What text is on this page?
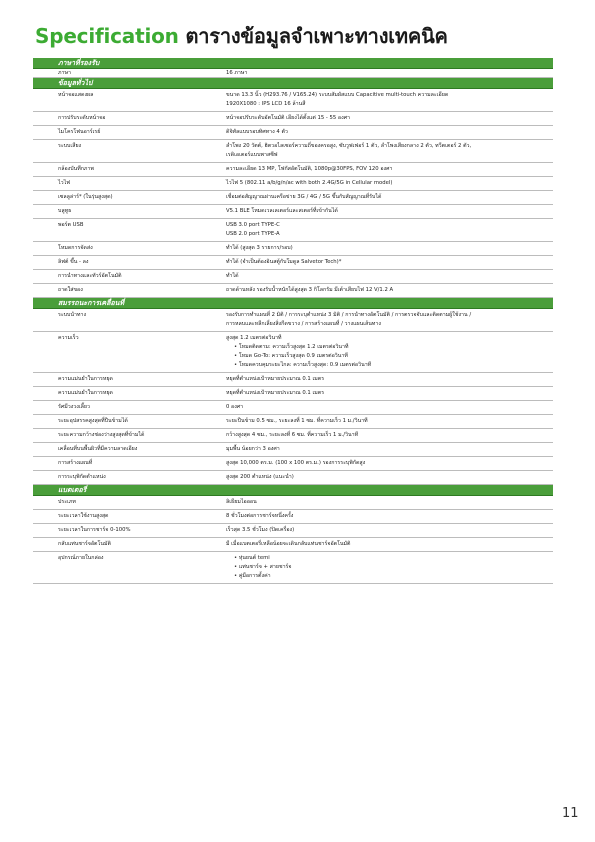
Specification ตารางข้อมูลจำเพาะทางเทคนิค
ภาษาที่รองรับ
ภาษา	16 ภาษา
ข้อมูลทั่วไป
หน้าจอแสดงผล	ขนาด 13.3 นิ้ว (H293.76 / V165.24) ระบบสัมผัสแบบ Capacitive multi-touch ความละเอียด
1920X1080 : IPS LCD 16 ล้านสี
การปรับระดับหน้าจอ	หน้าจอปรับระดับอัตโนมัติ เอียงได้ตั้งแต่ 15 - 55 องศา
ไมโครโฟนอาร์เรย์	ดิจิทัลแบบรอบทิศทาง 4 ตัว
ระบบเสียง	ลำโพง 20 วัตต์, ฮิตวอไลเซอร์ความถี่ของครอสูง, ซับวูฟเฟอร์ 1 ตัว, ลำโพงเสียงกลาง 2 ตัว, ทวีตเตอร์ 2 ตัว,
เรดิเอเตอร์แบบพาสซีฟ
กล้องบันทึกภาพ	ความละเอียด 13 MP, โฟกัสอัตโนมัติ, 1080p@30FPS, FOV 120 องศา
ไวไฟ	ไวไฟ 5 (802.11 a/b/g/n/ac with both 2.4G/5G in Cellular model)
เซลลูล่าร์* (ในรุ่นสูงสุด)	เชื่อมต่อสัญญาณผ่านเครือข่าย 3G / 4G / 5G ขึ้นกับสัญญาณที่รับได้
บลูทูธ	V5.1 BLE โหมดเวลเลเตอร์และสเตอร์ที่เข้ากันได้
พอร์ต USB	USB 3.0 port TYPE-C
USB 2.0 port TYPE-A
โหมดการจัดส่ง	ทำได้ (สูงสุด 3 รายการ/รอบ)
ลิฟต์ ขึ้น - ลง	ทำได้ (จำเป็นต้องอินสตู้กับโมดูล Salvetor Tech)*
การนำทางและทัวร์อัตโนมัติ	ทำได้
ถาดใส่ของ	ถาดด้านหลัง รองรับน้ำหนักได้สูงสุด 3 กิโลกรัม มีเต้าเสียบไฟ 12 V/1.2 A
สมรรถนะการเคลื่อนที่
ระบบนำทาง	รองรับการทำแผนที่ 2 มิติ / การระบุตำแหน่ง 3 มิติ / การนำทางอัตโนมัติ / การตรวจจับและติดตามผู้ใช้งาน /
การหลบและหลีกเลี่ยงสิ่งกีดขวาง / การสร้างแผนที่ / วางแผนเส้นทาง
ความเร็ว	สูงสุด 1.2 เมตรต่อวินาที
• โหมดติดตาม: ความเร็วสูงสุด 1.2 เมตรต่อวินาที
• โหมด Go-To: ความเร็วสูงสุด 0.9 เมตรต่อวินาที
• โหมดควบคุมระยะไกล: ความเร็วสูงสุด: 0.9 เมตรต่อวินาที
ความแม่นยำในการหยุด	หยุดที่ตำแหน่งเป้าหมายประมาณ 0.1 เมตร
ความแม่นยำในการหยุด	หยุดที่ตำแหน่งเป้าหมายประมาณ 0.1 เมตร
รัศมีวงวงเลี้ยว	0 องศา
ระยะอุปสรรคสูงสุดที่ปีนข้ามได้	ระยะปีนข้าม 0.5 ซม., ระยะลงที่ 1 ซม. ที่ความเร็ว 1 ม./วินาที
ระยะความกว้างช่องว่างสูงสุดที่ข้ามได้	กว้างสูงสุด 4 ซม., ระยะลงที่ 6 ซม. ที่ความเร็ว 1 ม./วินาที
เคลื่อนที่บนพื้นผิวที่มีความลาดเอียง	มุมพื้น น้อยกว่า 3 องศา
การสร้างแผนที่	สูงสุด 10,000 ตร.ม. (100 x 100 ตร.ม.) รองการระบุพิกัดสูง
การระบุพิกัดตำแหน่ง	สูงสุด 200 ตำแหน่ง (แนะนำ)
แบตเตอรี่
ประเภท	ลิเธียมไอออน
ระยะเวลาใช้งานสูงสุด	8 ชั่วโมงต่อการชาร์จหนึ่งครั้ง
ระยะเวลาในการชาร์จ 0-100%	เร็วสุด 3.5 ชั่วโมง (ปิดเครื่อง)
กลับแท่นชาร์จอัตโนมัติ	มี เมื่อแบตเตอรี่เหลือน้อยจะเดินกลับแท่นชาร์จอัตโนมัติ
อุปกรณ์ภายในกล่อง
•	หุ่นยนต์ temi
• แท่นชาร์จ + สายชาร์จ
• คู่มือการตั้งค่า
11
